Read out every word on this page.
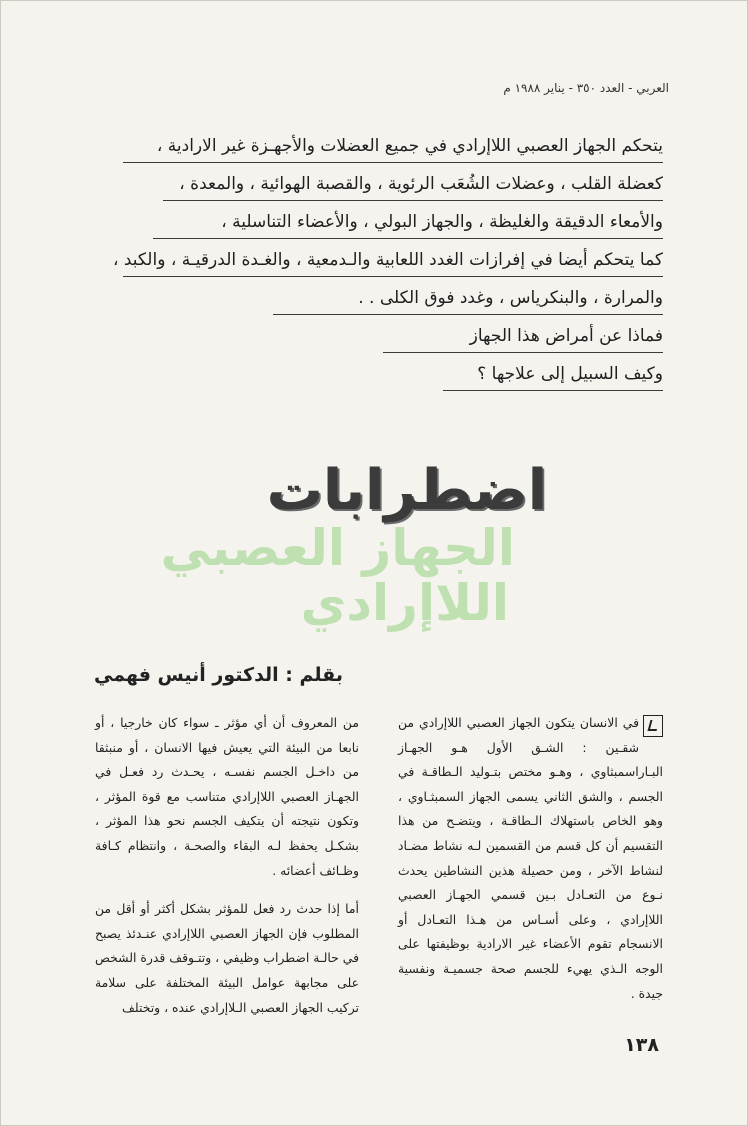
العربي - العدد ٣٥٠ - يناير ١٩٨٨ م
يتحكم الجهاز العصبي اللاإرادي في جميع العضلات والأجهـزة غير الارادية ،
كعضلة القلب ، وعضلات الشُعَب الرئوية ، والقصبة الهوائية ، والمعدة ،
والأمعاء الدقيقة والغليظة ، والجهاز البولي ، والأعضاء التناسلية ،
كما يتحكم أيضا في إفرازات الغدد اللعابية والـدمعية ، والغـدة الدرقيـة ، والكبد ،
والمرارة ، والبنكرياس ، وغدد فوق الكلى . .
فماذا عن أمراض هذا الجهاز
وكيف السبيل إلى علاجها ؟
اضطرابات
الجهاز العصبي
اللاإرادي
بقلم : الدكتور أنيس فهمي

في الانسان يتكون الجهاز العصبي اللاإرادي من شقـين : الشـق الأول هـو الجهـاز البـاراسمبثاوي ، وهـو مختص بتـوليد الـطاقـة في الجسم ، والشق الثاني يسمى الجهاز السمبثـاوي ، وهو الخاص باستهلاك الـطاقـة ، ويتضـح من هذا التقسيم أن كل قسم من القسمين لـه نشاط مضـاد لنشاط الآخر ، ومن حصيلة هذين النشاطين يحدث نـوع من التعـادل بـين قسمي الجهـاز العصبي اللاإرادي ، وعلى أسـاس من هـذا التعـادل أو الانسجام تقوم الأعضاء غير الارادية بوظيفتها على الوجه الـذي يهيء للجسم صحة جسميـة ونفسية جيدة .

من المعروف أن أي مؤثر ـ سواء كان خارجيا ، أو نابعا من البيئة التي يعيش فيها الانسان ، أو منبثقا من داخـل الجسم نفسـه ، يحـدث رد فعـل في الجهـاز العصبي اللاإرادي متناسب مع قوة المؤثر ، وتكون نتيجته أن يتكيف الجسم نحو هذا المؤثر ، بشكـل يحفظ لـه البقاء والصحـة ، وانتظام كـافة وظـائف أعضائه .

أما إذا حدث رد فعل للمؤثر بشكل أكثر أو أقل من المطلوب فإن الجهاز العصبي اللاإرادي عنـدئذ يصبح في حالـة اضطراب وظيفي ، وتتـوقف قدرة الشخص على مجابهة عوامل البيئة المختلفة على سلامة تركيب الجهاز العصبي الـلاإرادي عنده ، وتختلف

١٣٨
